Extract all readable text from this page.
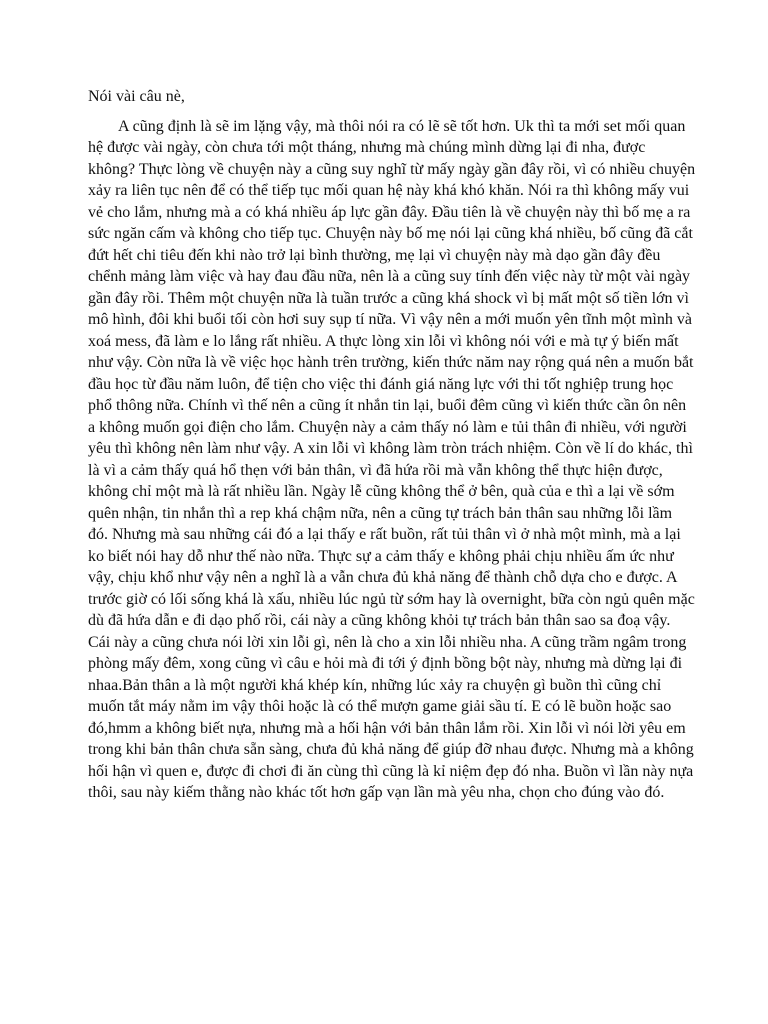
Nói vài câu nè,

A cũng định là sẽ im lặng vậy, mà thôi nói ra có lẽ sẽ tốt hơn. Uk thì ta mới set mối quan hệ được vài ngày, còn chưa tới một tháng, nhưng mà chúng mình dừng lại đi nha, được không? Thực lòng về chuyện này a cũng suy nghĩ từ mấy ngày gần đây rồi, vì có nhiều chuyện xảy ra liên tục nên để có thể tiếp tục mối quan hệ này khá khó khăn. Nói ra thì không mấy vui vẻ cho lắm, nhưng mà a có khá nhiều áp lực gần đây. Đầu tiên là về chuyện này thì bố mẹ a ra sức ngăn cấm và không cho tiếp tục. Chuyện này bố mẹ nói lại cũng khá nhiều, bố cũng đã cắt đứt hết chi tiêu đến khi nào trở lại bình thường, mẹ lại vì chuyện này mà dạo gần đây đều chểnh mảng làm việc và hay đau đầu nữa, nên là a cũng suy tính đến việc này từ một vài ngày gần đây rồi. Thêm một chuyện nữa là tuần trước a cũng khá shock vì bị mất một số tiền lớn vì mô hình, đôi khi buổi tối còn hơi suy sụp tí nữa. Vì vậy nên a mới muốn yên tĩnh một mình và xoá mess, đã làm e lo lắng rất nhiều. A thực lòng xin lỗi vì không nói với e mà tự ý biến mất như vậy. Còn nữa là về việc học hành trên trường, kiến thức năm nay rộng quá nên a muốn bắt đầu học từ đầu năm luôn, để tiện cho việc thi đánh giá năng lực với thi tốt nghiệp trung học phổ thông nữa. Chính vì thế nên a cũng ít nhắn tin lại, buổi đêm cũng vì kiến thức cần ôn nên a không muốn gọi điện cho lắm. Chuyện này a cảm thấy nó làm e tủi thân đi nhiều, với người yêu thì không nên làm như vậy. A xin lỗi vì không làm tròn trách nhiệm. Còn về lí do khác, thì là vì a cảm thấy quá hổ thẹn với bản thân, vì đã hứa rồi mà vẫn không thể thực hiện được, không chỉ một mà là rất nhiều lần. Ngày lễ cũng không thể ở bên, quà của e thì a lại về sớm quên nhận, tin nhắn thì a rep khá chậm nữa, nên a cũng tự trách bản thân sau những lỗi lầm đó. Nhưng mà sau những cái đó a lại thấy e rất buồn, rất tủi thân vì ở nhà một mình, mà a lại ko biết nói hay dỗ như thế nào nữa. Thực sự a cảm thấy e không phải chịu nhiều ấm ức như vậy, chịu khổ như vậy nên a nghĩ là a vẫn chưa đủ khả năng để thành chỗ dựa cho e được. A trước giờ có lối sống khá là xấu, nhiều lúc ngủ từ sớm hay là overnight, bữa còn ngủ quên mặc dù đã hứa dẫn e đi dạo phố rồi, cái này a cũng không khỏi tự trách bản thân sao sa đoạ vậy. Cái này a cũng chưa nói lời xin lỗi gì, nên là cho a xin lỗi nhiều nha. A cũng trầm ngâm trong phòng mấy đêm, xong cũng vì câu e hỏi mà đi tới ý định bồng bột này, nhưng mà dừng lại đi nhaa.Bản thân a là một người khá khép kín, những lúc xảy ra chuyện gì buồn thì cũng chỉ muốn tắt máy nằm im vậy thôi hoặc là có thể mượn game giải sầu tí. E có lẽ buồn hoặc sao đó,hmm a không biết nựa, nhưng mà a hối hận với bản thân lắm rồi. Xin lỗi vì nói lời yêu em trong khi bản thân chưa sẵn sàng, chưa đủ khả năng để giúp đỡ nhau được. Nhưng mà a không hối hận vì quen e, được đi chơi đi ăn cùng thì cũng là kỉ niệm đẹp đó nha. Buồn vì lần này nựa thôi, sau này kiếm thằng nào khác tốt hơn gấp vạn lần mà yêu nha, chọn cho đúng vào đó.
